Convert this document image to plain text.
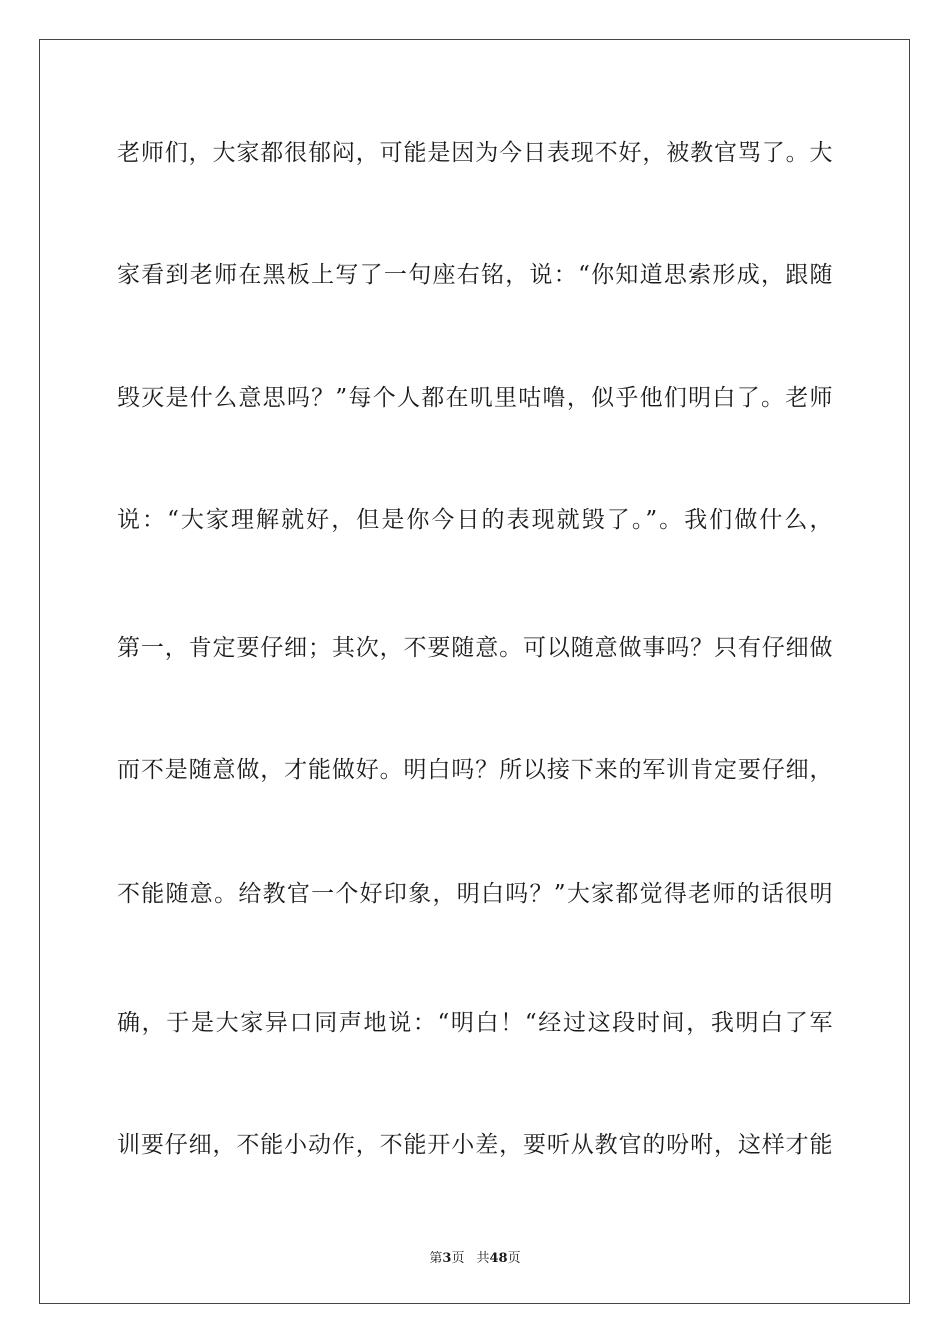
老师们，大家都很郁闷，可能是因为今日表现不好，被教官骂了。大
家看到老师在黑板上写了一句座右铭，说：“你知道思索形成，跟随
毁灭是什么意思吗？”每个人都在叽里咕噜，似乎他们明白了。老师
说：“大家理解就好，但是你今日的表现就毁了。”。我们做什么，
第一，肯定要仔细；其次，不要随意。可以随意做事吗？只有仔细做
而不是随意做，才能做好。明白吗？所以接下来的军训肯定要仔细，
不能随意。给教官一个好印象，明白吗？”大家都觉得老师的话很明
确，于是大家异口同声地说：“明白！“经过这段时间，我明白了军
训要仔细，不能小动作，不能开小差，要听从教官的吩咐，这样才能
第3页 共48页
